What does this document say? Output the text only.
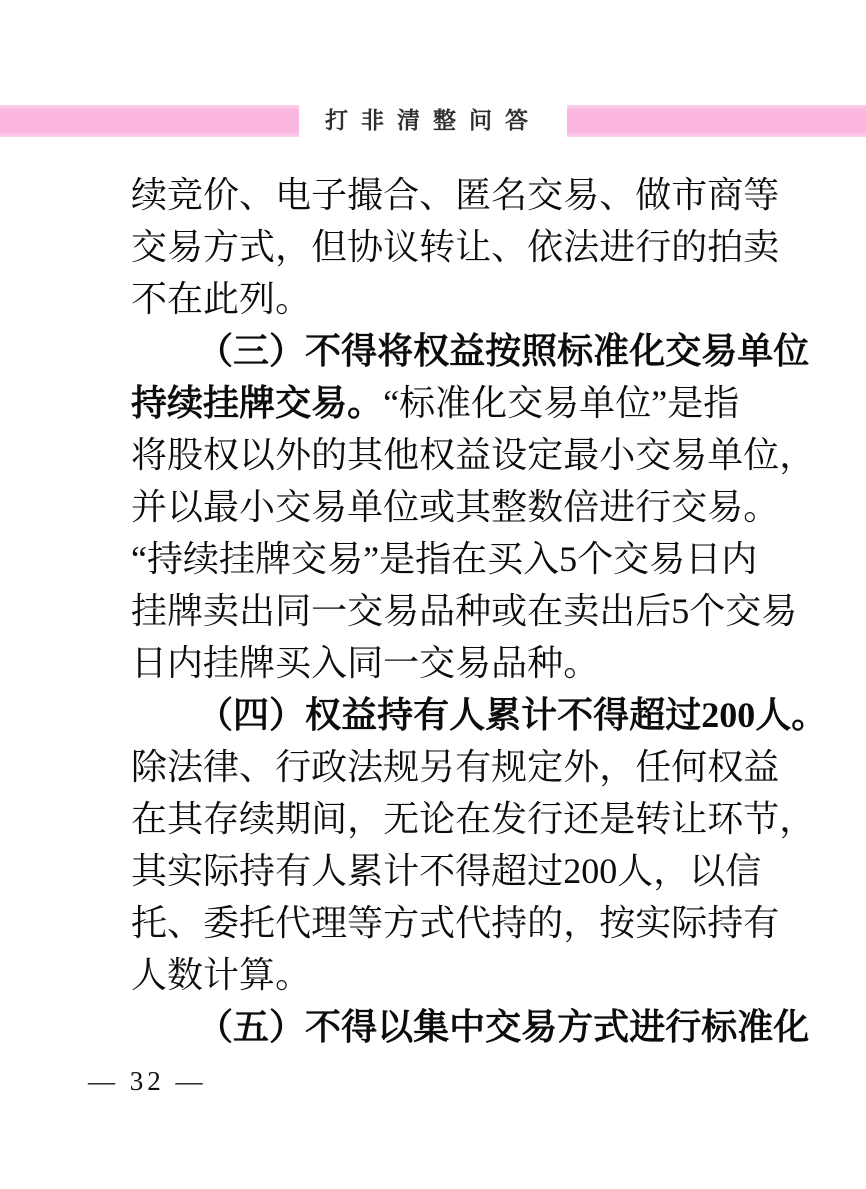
打非清整问答
续 竞 价 、 电 子 撮 合 、 匿 名 交 易 、 做 市 商 等
交 易 方 式 ， 但 协 议 转 让 、 依 法 进 行 的 拍 卖
不 在 此 列 。
（ 三 ） 不 得 将 权 益 按 照 标 准 化 交 易 单 位
持 续 挂 牌 交 易 。 “ 标 准 化 交 易 单 位 ” 是 指
将 股 权 以 外 的 其 他 权 益 设 定 最 小 交 易 单 位 ，
并 以 最 小 交 易 单 位 或 其 整 数 倍 进 行 交 易 。
“ 持 续 挂 牌 交 易 ” 是 指 在 买 入 5 个 交 易 日 内
挂 牌 卖 出 同 一 交 易 品 种 或 在 卖 出 后 5 个 交 易
日 内 挂 牌 买 入 同 一 交 易 品 种 。
（ 四 ） 权 益 持 有 人 累 计 不 得 超 过 200 人 。
除 法 律 、 行 政 法 规 另 有 规 定 外 ， 任 何 权 益
在 其 存 续 期 间 ， 无 论 在 发 行 还 是 转 让 环 节 ，
其 实 际 持 有 人 累 计 不 得 超 过 200 人 ， 以 信
托 、 委 托 代 理 等 方 式 代 持 的 ， 按 实 际 持 有
人 数 计 算 。
（ 五 ） 不 得 以 集 中 交 易 方 式 进 行 标 准 化
— 32 —
